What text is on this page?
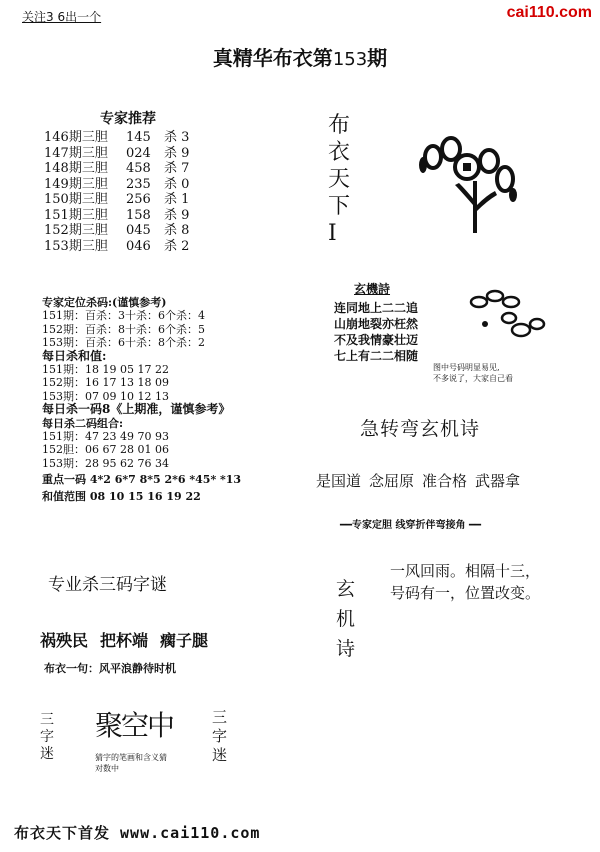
关注3 6出一个	cai110.com
真精华布衣第153期
专家推荐
146期三胆 145 杀 3
147期三胆 024 杀 9
148期三胆 458 杀 7
149期三胆 235 杀 0
150期三胆 256 杀 1
151期三胆 158 杀 9
152期三胆 045 杀 8
153期三胆 046 杀 2
专家定位杀码:(谨慎参考)
151期：百杀：3十杀：6个杀：4
152期：百杀：8十杀：6个杀：5
153期：百杀：6十杀：8个杀：2
每日杀和值:
151期：18 19 05 17 22
152期：16 17 13 18 09
153期：07 09 10 12 13
每日杀一码8《上期准，谨慎参考》
每日杀二码组合:
151期：47 23 49 70 93
152胆：06 67 28 01 06
153期：28 95 62 76 34
重点一码 4*2 6*7 8*5 2*6 *45* *13
和值范围 08 10 15 16 19 22
专业杀三码字谜
祸殃民 把杯端 瘸子腿
布衣一句：风平浪静待时机
三
字
迷
聚空中
猜字的笔画和含义猜
对数中
三
字
迷
布
衣
天
下
I
玄機詩
连同地上二二追
山崩地裂亦枉然
不及我情豪壮迈
七上有二二相随
图中号码明显易见,
不多说了，大家自己看
急转弯玄机诗
是国道 念屈原 准合格 武器拿
━━专家定胆 线穿折伴弯接角 ━━
玄
机
诗
一风回雨。相隔十三，
号码有一，位置改变。
布衣天下首发 www.cai110.com
